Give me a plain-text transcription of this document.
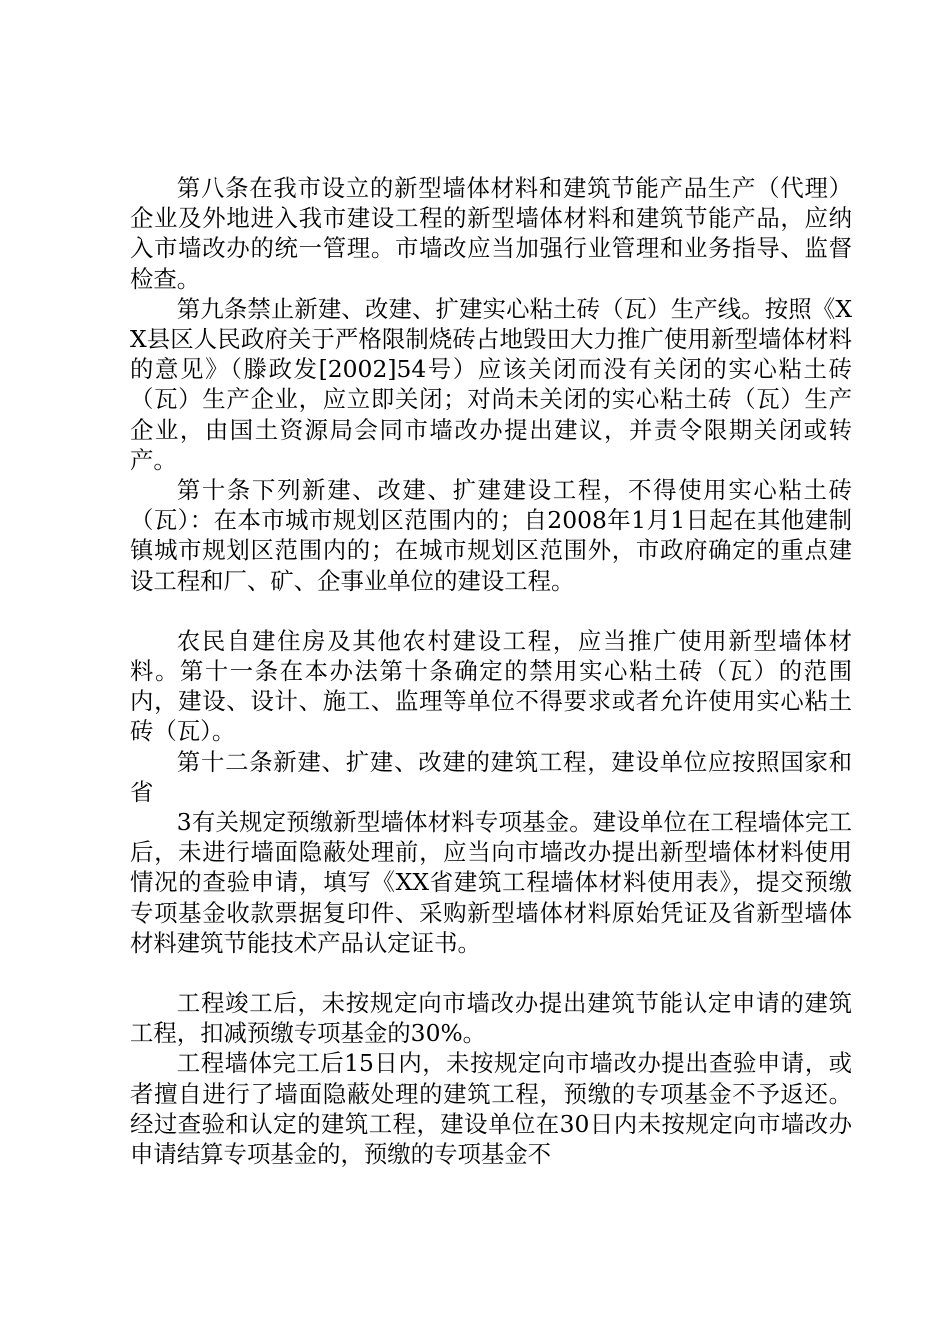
第八条在我市设立的新型墙体材料和建筑节能产品生产（代理）企业及外地进入我市建设工程的新型墙体材料和建筑节能产品，应纳入市墙改办的统一管理。市墙改应当加强行业管理和业务指导、监督检查。

第九条禁止新建、改建、扩建实心粘土砖（瓦）生产线。按照《XX县区人民政府关于严格限制烧砖占地毁田大力推广使用新型墙体材料的意见》（滕政发[2002]54号）应该关闭而没有关闭的实心粘土砖（瓦）生产企业，应立即关闭；对尚未关闭的实心粘土砖（瓦）生产企业，由国土资源局会同市墙改办提出建议，并责令限期关闭或转产。

第十条下列新建、改建、扩建建设工程，不得使用实心粘土砖（瓦）：在本市城市规划区范围内的；自2008年1月1日起在其他建制镇城市规划区范围内的；在城市规划区范围外，市政府确定的重点建设工程和厂、矿、企事业单位的建设工程。

农民自建住房及其他农村建设工程，应当推广使用新型墙体材料。第十一条在本办法第十条确定的禁用实心粘土砖（瓦）的范围内，建设、设计、施工、监理等单位不得要求或者允许使用实心粘土砖（瓦）。

第十二条新建、扩建、改建的建筑工程，建设单位应按照国家和省

3有关规定预缴新型墙体材料专项基金。建设单位在工程墙体完工后，未进行墙面隐蔽处理前，应当向市墙改办提出新型墙体材料使用情况的查验申请，填写《XX省建筑工程墙体材料使用表》，提交预缴专项基金收款票据复印件、采购新型墙体材料原始凭证及省新型墙体材料建筑节能技术产品认定证书。

工程竣工后，未按规定向市墙改办提出建筑节能认定申请的建筑工程，扣减预缴专项基金的30%。

工程墙体完工后15日内，未按规定向市墙改办提出查验申请，或者擅自进行了墙面隐蔽处理的建筑工程，预缴的专项基金不予返还。经过查验和认定的建筑工程，建设单位在30日内未按规定向市墙改办申请结算专项基金的，预缴的专项基金不
